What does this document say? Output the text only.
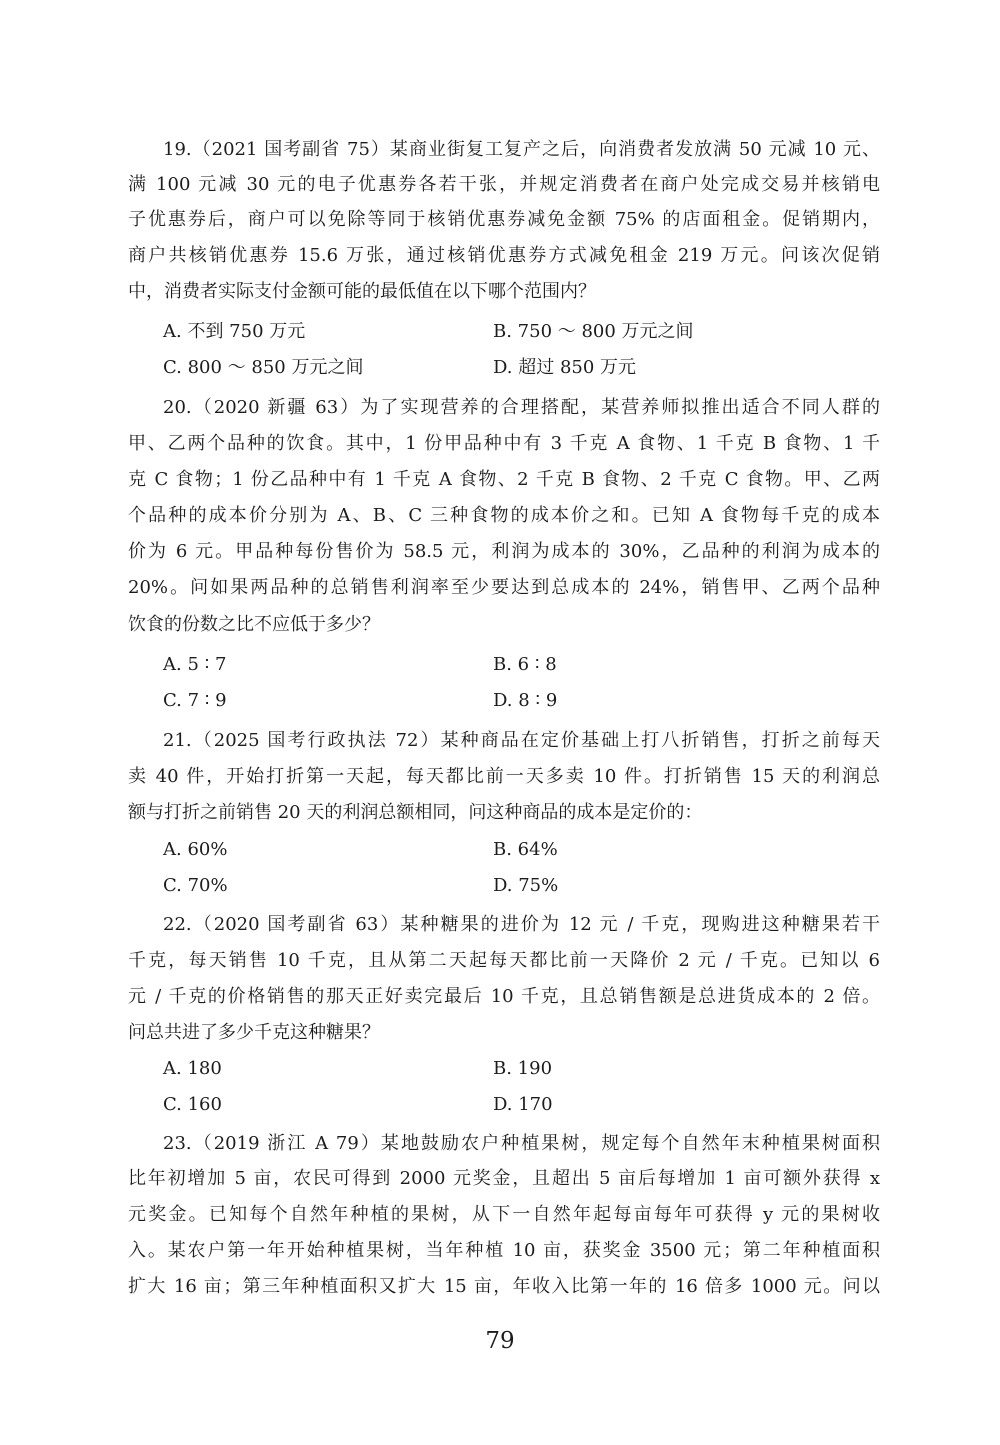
19.（2021 国考副省 75）某商业街复工复产之后，向消费者发放满 50 元减 10 元、

满 100 元减 30 元的电子优惠券各若干张，并规定消费者在商户处完成交易并核销电

子优惠券后，商户可以免除等同于核销优惠券减免金额 75% 的店面租金。促销期内，

商户共核销优惠券 15.6 万张，通过核销优惠券方式减免租金 219 万元。问该次促销

中，消费者实际支付金额可能的最低值在以下哪个范围内？

A. 不到 750 万元	B. 750 ～ 800 万元之间

C. 800 ～ 850 万元之间	D. 超过 850 万元

20.（2020 新疆 63）为了实现营养的合理搭配，某营养师拟推出适合不同人群的

甲、乙两个品种的饮食。其中，1 份甲品种中有 3 千克 A 食物、1 千克 B 食物、1 千

克 C 食物；1 份乙品种中有 1 千克 A 食物、2 千克 B 食物、2 千克 C 食物。甲、乙两

个品种的成本价分别为 A、B、C 三种食物的成本价之和。已知 A 食物每千克的成本

价为 6 元。甲品种每份售价为 58.5 元，利润为成本的 30%，乙品种的利润为成本的

20%。问如果两品种的总销售利润率至少要达到总成本的 24%，销售甲、乙两个品种

饮食的份数之比不应低于多少？

A. 5 ∶ 7	B. 6 ∶ 8

C. 7 ∶ 9	D. 8 ∶ 9

21.（2025 国考行政执法 72）某种商品在定价基础上打八折销售，打折之前每天

卖 40 件，开始打折第一天起，每天都比前一天多卖 10 件。打折销售 15 天的利润总

额与打折之前销售 20 天的利润总额相同，问这种商品的成本是定价的：

A. 60%	B. 64%

C. 70%	D. 75%

22.（2020 国考副省 63）某种糖果的进价为 12 元 / 千克，现购进这种糖果若干

千克，每天销售 10 千克，且从第二天起每天都比前一天降价 2 元 / 千克。已知以 6

元 / 千克的价格销售的那天正好卖完最后 10 千克，且总销售额是总进货成本的 2 倍。

问总共进了多少千克这种糖果？

A. 180	B. 190

C. 160	D. 170

23.（2019 浙江 A 79）某地鼓励农户种植果树，规定每个自然年末种植果树面积

比年初增加 5 亩，农民可得到 2000 元奖金，且超出 5 亩后每增加 1 亩可额外获得 x

元奖金。已知每个自然年种植的果树，从下一自然年起每亩每年可获得 y 元的果树收

入。某农户第一年开始种植果树，当年种植 10 亩，获奖金 3500 元；第二年种植面积

扩大 16 亩；第三年种植面积又扩大 15 亩，年收入比第一年的 16 倍多 1000 元。问以

79
